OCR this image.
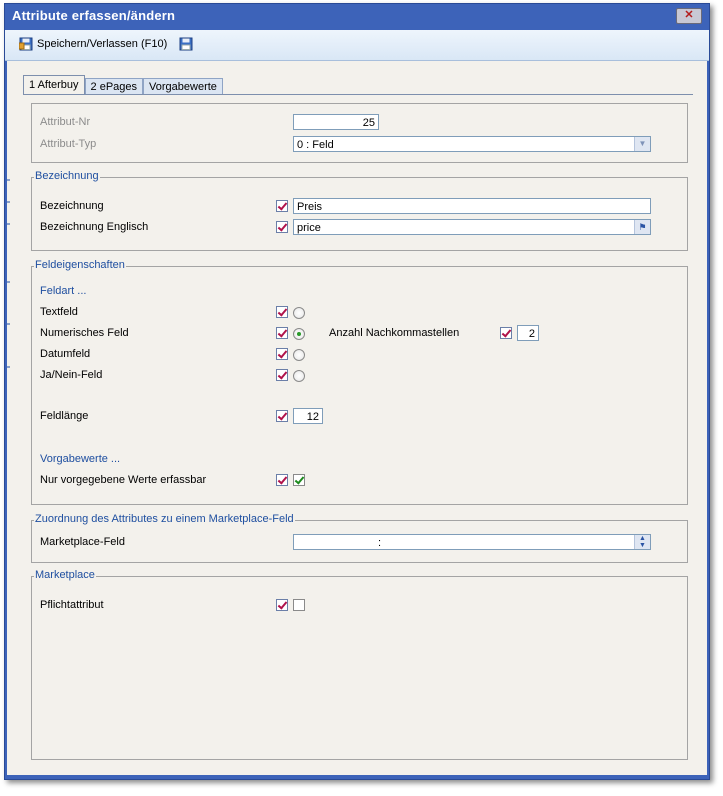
Attribute erfassen/ändern	✕
Speichern/Verlassen (F10)
1 Afterbuy	2 ePages	Vorgabewerte
Attribut-Nr	25
Attribut-Typ	0 : Feld	▼
Bezeichnung
Bezeichnung	Preis
Bezeichnung Englisch	price	⚑
Feldeigenschaften
Feldart ...
Textfeld
Numerisches Feld	Anzahl Nachkommastellen	2
Datumfeld
Ja/Nein-Feld
Feldlänge	12
Vorgabewerte ...
Nur vorgegebene Werte erfassbar
Zuordnung des Attributes zu einem Marketplace-Feld
Marketplace-Feld	:	▲
▼
Marketplace
Pflichtattribut
